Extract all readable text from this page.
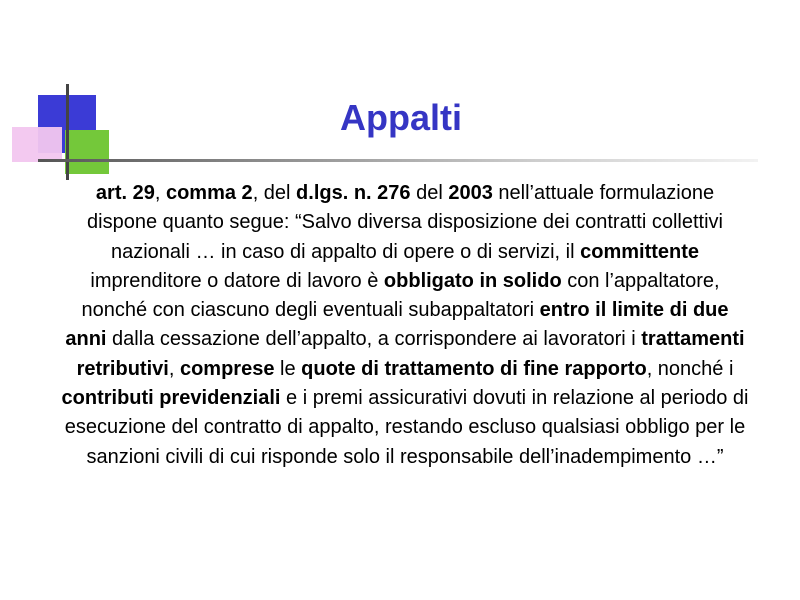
Appalti
art. 29, comma 2, del d.lgs. n. 276 del 2003 nell’attuale formulazione dispone quanto segue: “Salvo diversa disposizione dei contratti collettivi nazionali … in caso di appalto di opere o di servizi, il committente imprenditore o datore di lavoro è obbligato in solido con l’appaltatore, nonché con ciascuno degli eventuali subappaltatori entro il limite di due anni dalla cessazione dell’appalto, a corrispondere ai lavoratori i trattamenti retributivi, comprese le quote di trattamento di fine rapporto, nonché i contributi previdenziali e i premi assicurativi dovuti in relazione al periodo di esecuzione del contratto di appalto, restando escluso qualsiasi obbligo per le sanzioni civili di cui risponde solo il responsabile dell’inadempimento …”
